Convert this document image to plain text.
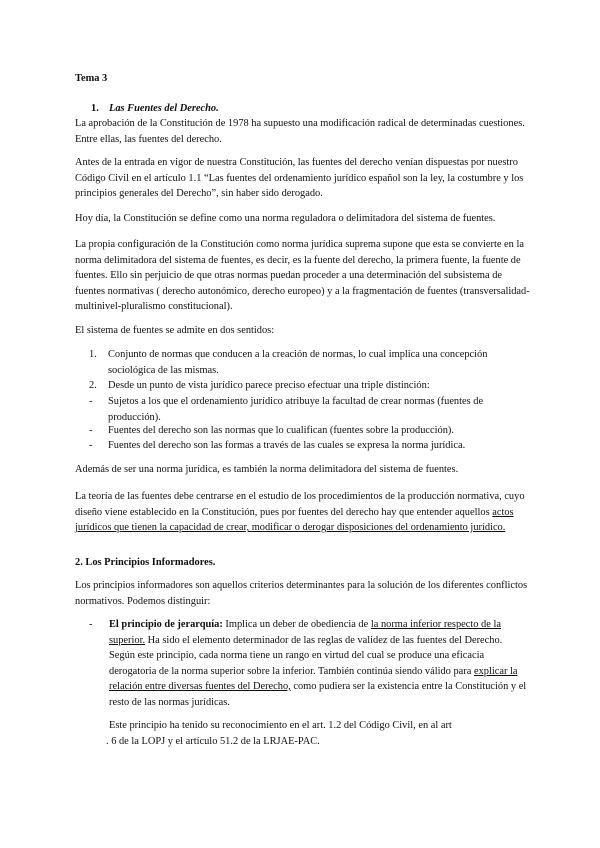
Tema 3
1. Las Fuentes del Derecho.
La aprobación de la Constitución de 1978 ha supuesto una modificación radical de determinadas cuestiones. Entre ellas, las fuentes del derecho.
Antes de la entrada en vigor de nuestra Constitución, las fuentes del derecho venían dispuestas por nuestro Código Civil en el artículo 1.1 “Las fuentes del ordenamiento jurídico español son la ley, la costumbre y los principios generales del Derecho”, sin haber sido derogado.
Hoy día, la Constitución se define como una norma reguladora o delimitadora del sistema de fuentes.
La propia configuración de la Constitución como norma jurídica suprema supone que esta se convierte en la norma delimitadora del sistema de fuentes, es decir, es la fuente del derecho, la primera fuente, la fuente de fuentes. Ello sin perjuicio de que otras normas puedan proceder a una determinación del subsistema de fuentes normativas ( derecho autonómico, derecho europeo) y a la fragmentación de fuentes (transversalidad- multinivel-pluralismo constitucional).
El sistema de fuentes se admite en dos sentidos:
1.	Conjunto de normas que conducen a la creación de normas, lo cual implica una concepción sociológica de las mismas.
2.	Desde un punto de vista jurídico parece preciso efectuar una triple distinción:
-	Sujetos a los que el ordenamiento jurídico atribuye la facultad de crear normas (fuentes de producción).
-	Fuentes del derecho son las normas que lo cualifican (fuentes sobre la producción).
-	Fuentes del derecho son las formas a través de las cuales se expresa la norma jurídica.
Además de ser una norma jurídica, es también la norma delimitadora del sistema de fuentes.
La teoría de las fuentes debe centrarse en el estudio de los procedimientos de la producción normativa, cuyo diseño viene establecido en la Constitución, pues por fuentes del derecho hay que entender aquellos actos jurídicos que tienen la capacidad de crear, modificar o derogar disposiciones del ordenamiento jurídico.
2. Los Principios Informadores.
Los principios informadores son aquellos criterios determinantes para la solución de los diferentes conflictos normativos. Podemos distinguir:
-	El principio de jerarquía: Implica un deber de obediencia de la norma inferior respecto de la superior. Ha sido el elemento determinador de las reglas de validez de las fuentes del Derecho. Según este principio, cada norma tiene un rango en virtud del cual se produce una eficacia derogatoria de la norma superior sobre la inferior. También continúa siendo válido para explicar la relación entre diversas fuentes del Derecho, como pudiera ser la existencia entre la Constitución y el resto de las normas jurídicas.
Este principio ha tenido su reconocimiento en el art. 1.2 del Código Civil, en al art
. 6 de la LOPJ y el artículo 51.2 de la LRJAE-PAC.
